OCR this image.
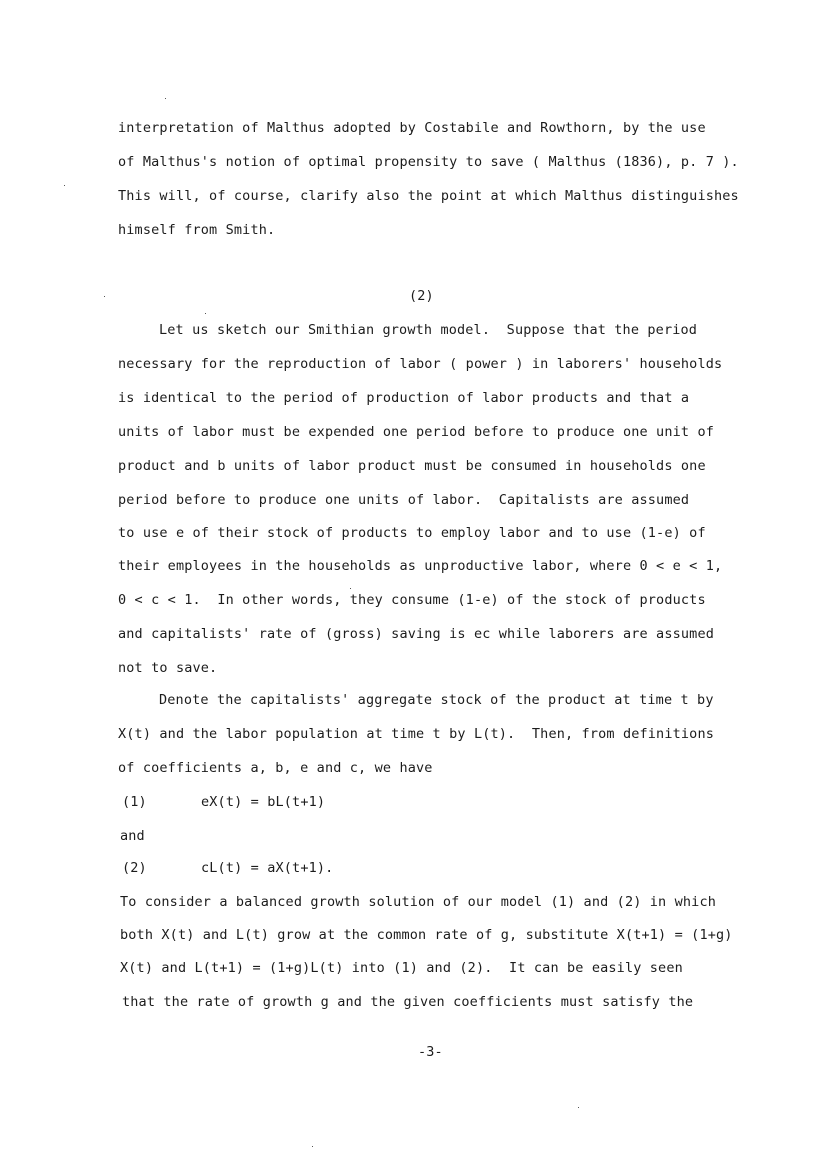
interpretation of Malthus adopted by Costabile and Rowthorn, by the use
of Malthus's notion of optimal propensity to save ( Malthus (1836), p. 7 ).
This will, of course, clarify also the point at which Malthus distinguishes
himself from Smith.
(2)
Let us sketch our Smithian growth model.  Suppose that the period
necessary for the reproduction of labor ( power ) in laborers' households
is identical to the period of production of labor products and that a
units of labor must be expended one period before to produce one unit of
product and b units of labor product must be consumed in households one
period before to produce one units of labor.  Capitalists are assumed
to use e of their stock of products to employ labor and to use (1-e) of
their employees in the households as unproductive labor, where 0 < e < 1,
0 < c < 1.  In other words, they consume (1-e) of the stock of products
and capitalists' rate of (gross) saving is ec while laborers are assumed
not to save.
Denote the capitalists' aggregate stock of the product at time t by
X(t) and the labor population at time t by L(t).  Then, from definitions
of coefficients a, b, e and c, we have
(1)	eX(t) = bL(t+1)
and
(2)	cL(t) = aX(t+1).
To consider a balanced growth solution of our model (1) and (2) in which
both X(t) and L(t) grow at the common rate of g, substitute X(t+1) = (1+g)
X(t) and L(t+1) = (1+g)L(t) into (1) and (2).  It can be easily seen
that the rate of growth g and the given coefficients must satisfy the
-3-
